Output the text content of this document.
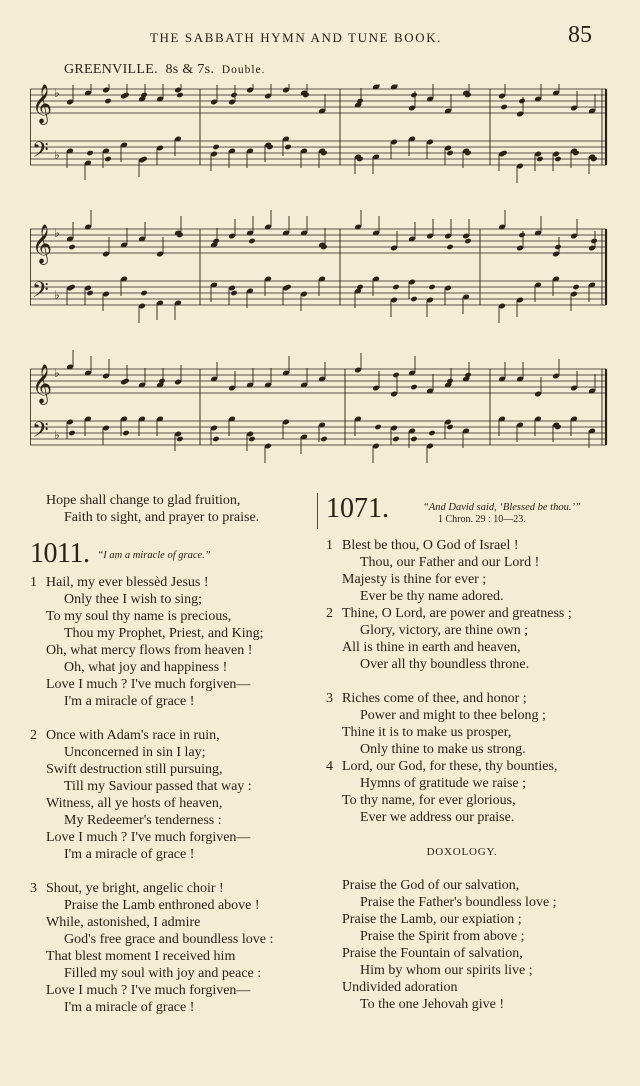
THE SABBATH HYMN AND TUNE BOOK.	85
GREENVILLE. 8s & 7s. Double.
𝄞 ♭
𝄢 ♭
𝄞 ♭
𝄢 ♭
𝄞 ♭
𝄢 ♭
Hope shall change to glad fruition,
Faith to sight, and prayer to praise.
1011. “I am a miracle of grace.”
1 Hail, my ever blessèd Jesus !
Only thee I wish to sing;
To my soul thy name is precious,
Thou my Prophet, Priest, and King;
Oh, what mercy flows from heaven !
Oh, what joy and happiness !
Love I much ? I've much forgiven—
I'm a miracle of grace !
2 Once with Adam's race in ruin,
Unconcerned in sin I lay;
Swift destruction still pursuing,
Till my Saviour passed that way :
Witness, all ye hosts of heaven,
My Redeemer's tenderness :
Love I much ? I've much forgiven—
I'm a miracle of grace !
3 Shout, ye bright, angelic choir !
Praise the Lamb enthroned above !
While, astonished, I admire
God's free grace and boundless love :
That blest moment I received him
Filled my soul with joy and peace :
Love I much ? I've much forgiven—
I'm a miracle of grace !
1071.	“And David said, ‘Blessed be thou.’”
1 Chron. 29 : 10—23.
1 Blest be thou, O God of Israel !
Thou, our Father and our Lord !
Majesty is thine for ever ;
Ever be thy name adored.
2 Thine, O Lord, are power and greatness ;
Glory, victory, are thine own ;
All is thine in earth and heaven,
Over all thy boundless throne.
3 Riches come of thee, and honor ;
Power and might to thee belong ;
Thine it is to make us prosper,
Only thine to make us strong.
4 Lord, our God, for these, thy bounties,
Hymns of gratitude we raise ;
To thy name, for ever glorious,
Ever we address our praise.
DOXOLOGY.
Praise the God of our salvation,
Praise the Father's boundless love ;
Praise the Lamb, our expiation ;
Praise the Spirit from above ;
Praise the Fountain of salvation,
Him by whom our spirits live ;
Undivided adoration
To the one Jehovah give !
